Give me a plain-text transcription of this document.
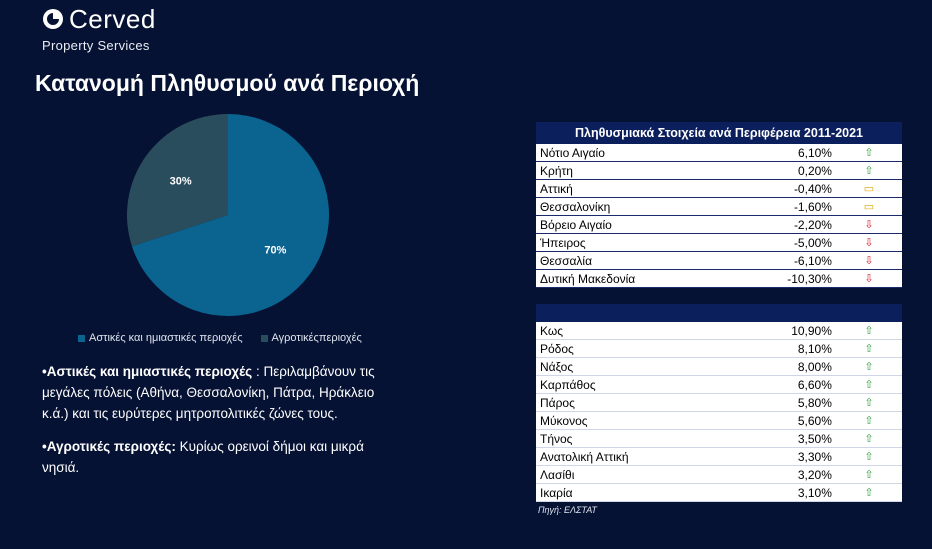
Cerved
Property Services
Κατανομή Πληθυσμού ανά Περιοχή
70%
30%
Αστικές και ημιαστικές περιοχές	Αγροτικέςπεριοχές

•Αστικές και ημιαστικές περιοχές : Περιλαμβάνουν τις μεγάλες πόλεις (Αθήνα, Θεσσαλονίκη, Πάτρα, Ηράκλειο κ.ά.) και τις ευρύτερες μητροπολιτικές ζώνες τους.

•Αγροτικές περιοχές: Κυρίως ορεινοί δήμοι και μικρά νησιά.

Πληθυσμιακά Στοιχεία ανά Περιφέρεια 2011-2021		
Νότιο Αιγαίο	6,10%	⇧
Κρήτη	0,20%	⇧
Αττική	-0,40%	▭
Θεσσαλονίκη	-1,60%	▭
Βόρειο Αιγαίο	-2,20%	⇩
Ήπειρος	-5,00%	⇩
Θεσσαλία	-6,10%	⇩
Δυτική Μακεδονία	-10,30%	⇩

Κως	10,90%	⇧
Ρόδος	8,10%	⇧
Νάξος	8,00%	⇧
Καρπάθος	6,60%	⇧
Πάρος	5,80%	⇧
Μύκονος	5,60%	⇧
Τήνος	3,50%	⇧
Ανατολική Αττική	3,30%	⇧
Λασίθι	3,20%	⇧
Ικαρία	3,10%	⇧
Πηγή: ΕΛΣΤΑΤ
